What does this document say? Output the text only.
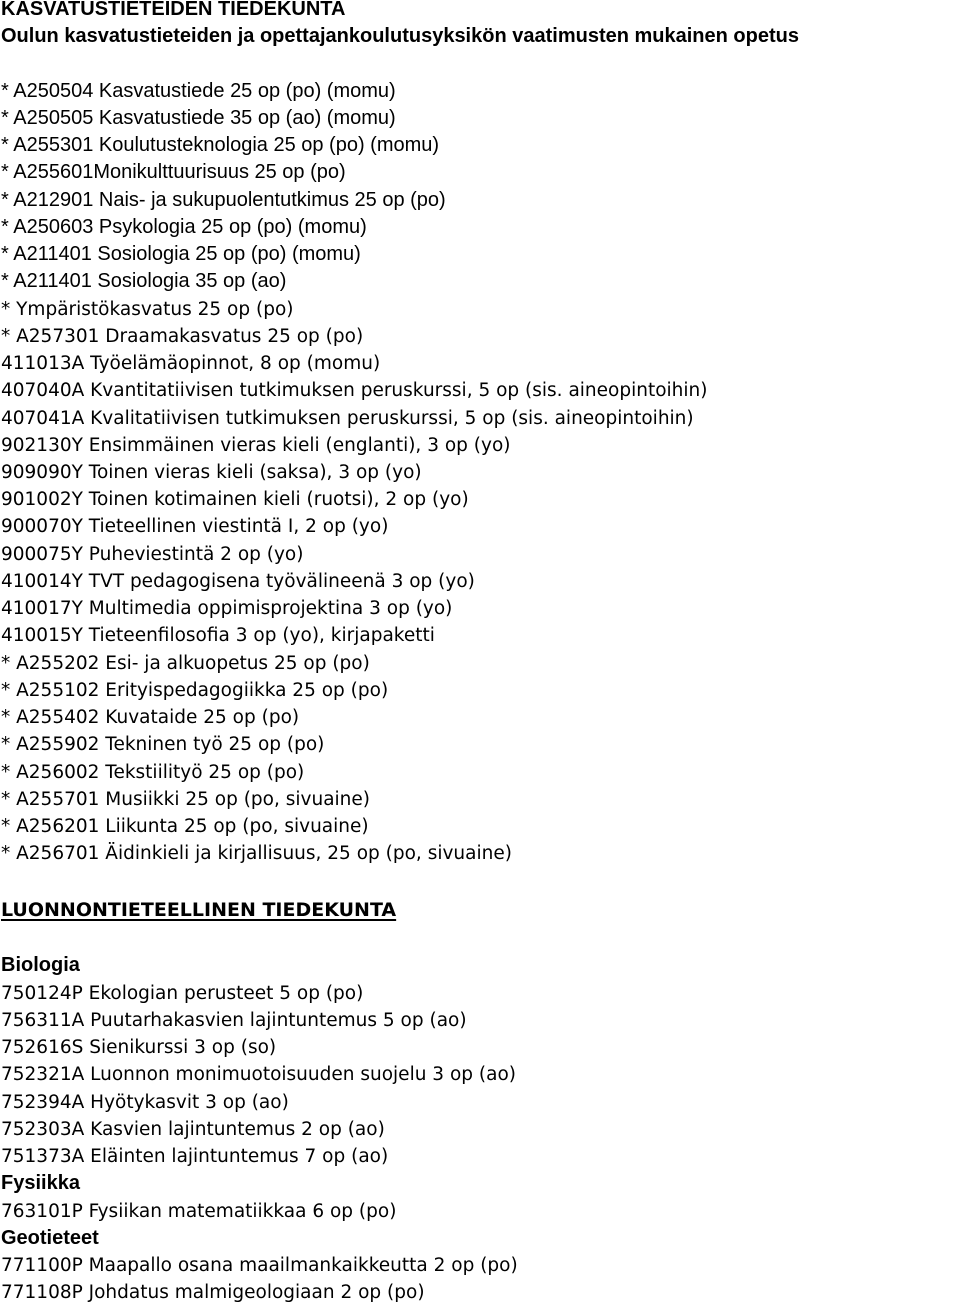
KASVATUSTIETEIDEN TIEDEKUNTA
Oulun kasvatustieteiden ja opettajankoulutusyksikön vaatimusten mukainen opetus
* A250504 Kasvatustiede 25 op (po) (momu)
* A250505 Kasvatustiede 35 op (ao) (momu)
* A255301 Koulutusteknologia 25 op (po) (momu)
* A255601Monikulttuurisuus 25 op (po)
* A212901 Nais- ja sukupuolentutkimus 25 op (po)
* A250603 Psykologia 25 op (po) (momu)
* A211401 Sosiologia 25 op (po) (momu)
* A211401 Sosiologia 35 op (ao)
* Ympäristökasvatus 25 op (po)
* A257301 Draamakasvatus 25 op (po)
411013A Työelämäopinnot, 8 op (momu)
407040A Kvantitatiivisen tutkimuksen peruskurssi, 5 op (sis. aineopintoihin)
407041A Kvalitatiivisen tutkimuksen peruskurssi, 5 op (sis. aineopintoihin)
902130Y Ensimmäinen vieras kieli (englanti), 3 op (yo)
909090Y Toinen vieras kieli (saksa), 3 op (yo)
901002Y Toinen kotimainen kieli (ruotsi), 2 op (yo)
900070Y Tieteellinen viestintä I, 2 op (yo)
900075Y Puheviestintä 2 op (yo)
410014Y TVT pedagogisena työvälineenä 3 op (yo)
410017Y Multimedia oppimisprojektina 3 op (yo)
410015Y Tieteenfilosofia 3 op (yo), kirjapaketti
* A255202 Esi- ja alkuopetus 25 op (po)
* A255102 Erityispedagogiikka 25 op (po)
* A255402 Kuvataide 25 op (po)
* A255902 Tekninen työ 25 op (po)
* A256002 Tekstiilityö 25 op (po)
* A255701 Musiikki 25 op (po, sivuaine)
* A256201 Liikunta 25 op (po, sivuaine)
* A256701 Äidinkieli ja kirjallisuus, 25 op (po, sivuaine)
LUONNONTIETEELLINEN TIEDEKUNTA
Biologia
750124P Ekologian perusteet 5 op (po)
756311A Puutarhakasvien lajintuntemus 5 op (ao)
752616S Sienikurssi 3 op (so)
752321A Luonnon monimuotoisuuden suojelu 3 op (ao)
752394A Hyötykasvit 3 op (ao)
752303A Kasvien lajintuntemus 2 op (ao)
751373A Eläinten lajintuntemus 7 op (ao)
Fysiikka
763101P Fysiikan matematiikkaa 6 op (po)
Geotieteet
771100P Maapallo osana maailmankaikkeutta 2 op (po)
771108P Johdatus malmigeologiaan 2 op (po)
